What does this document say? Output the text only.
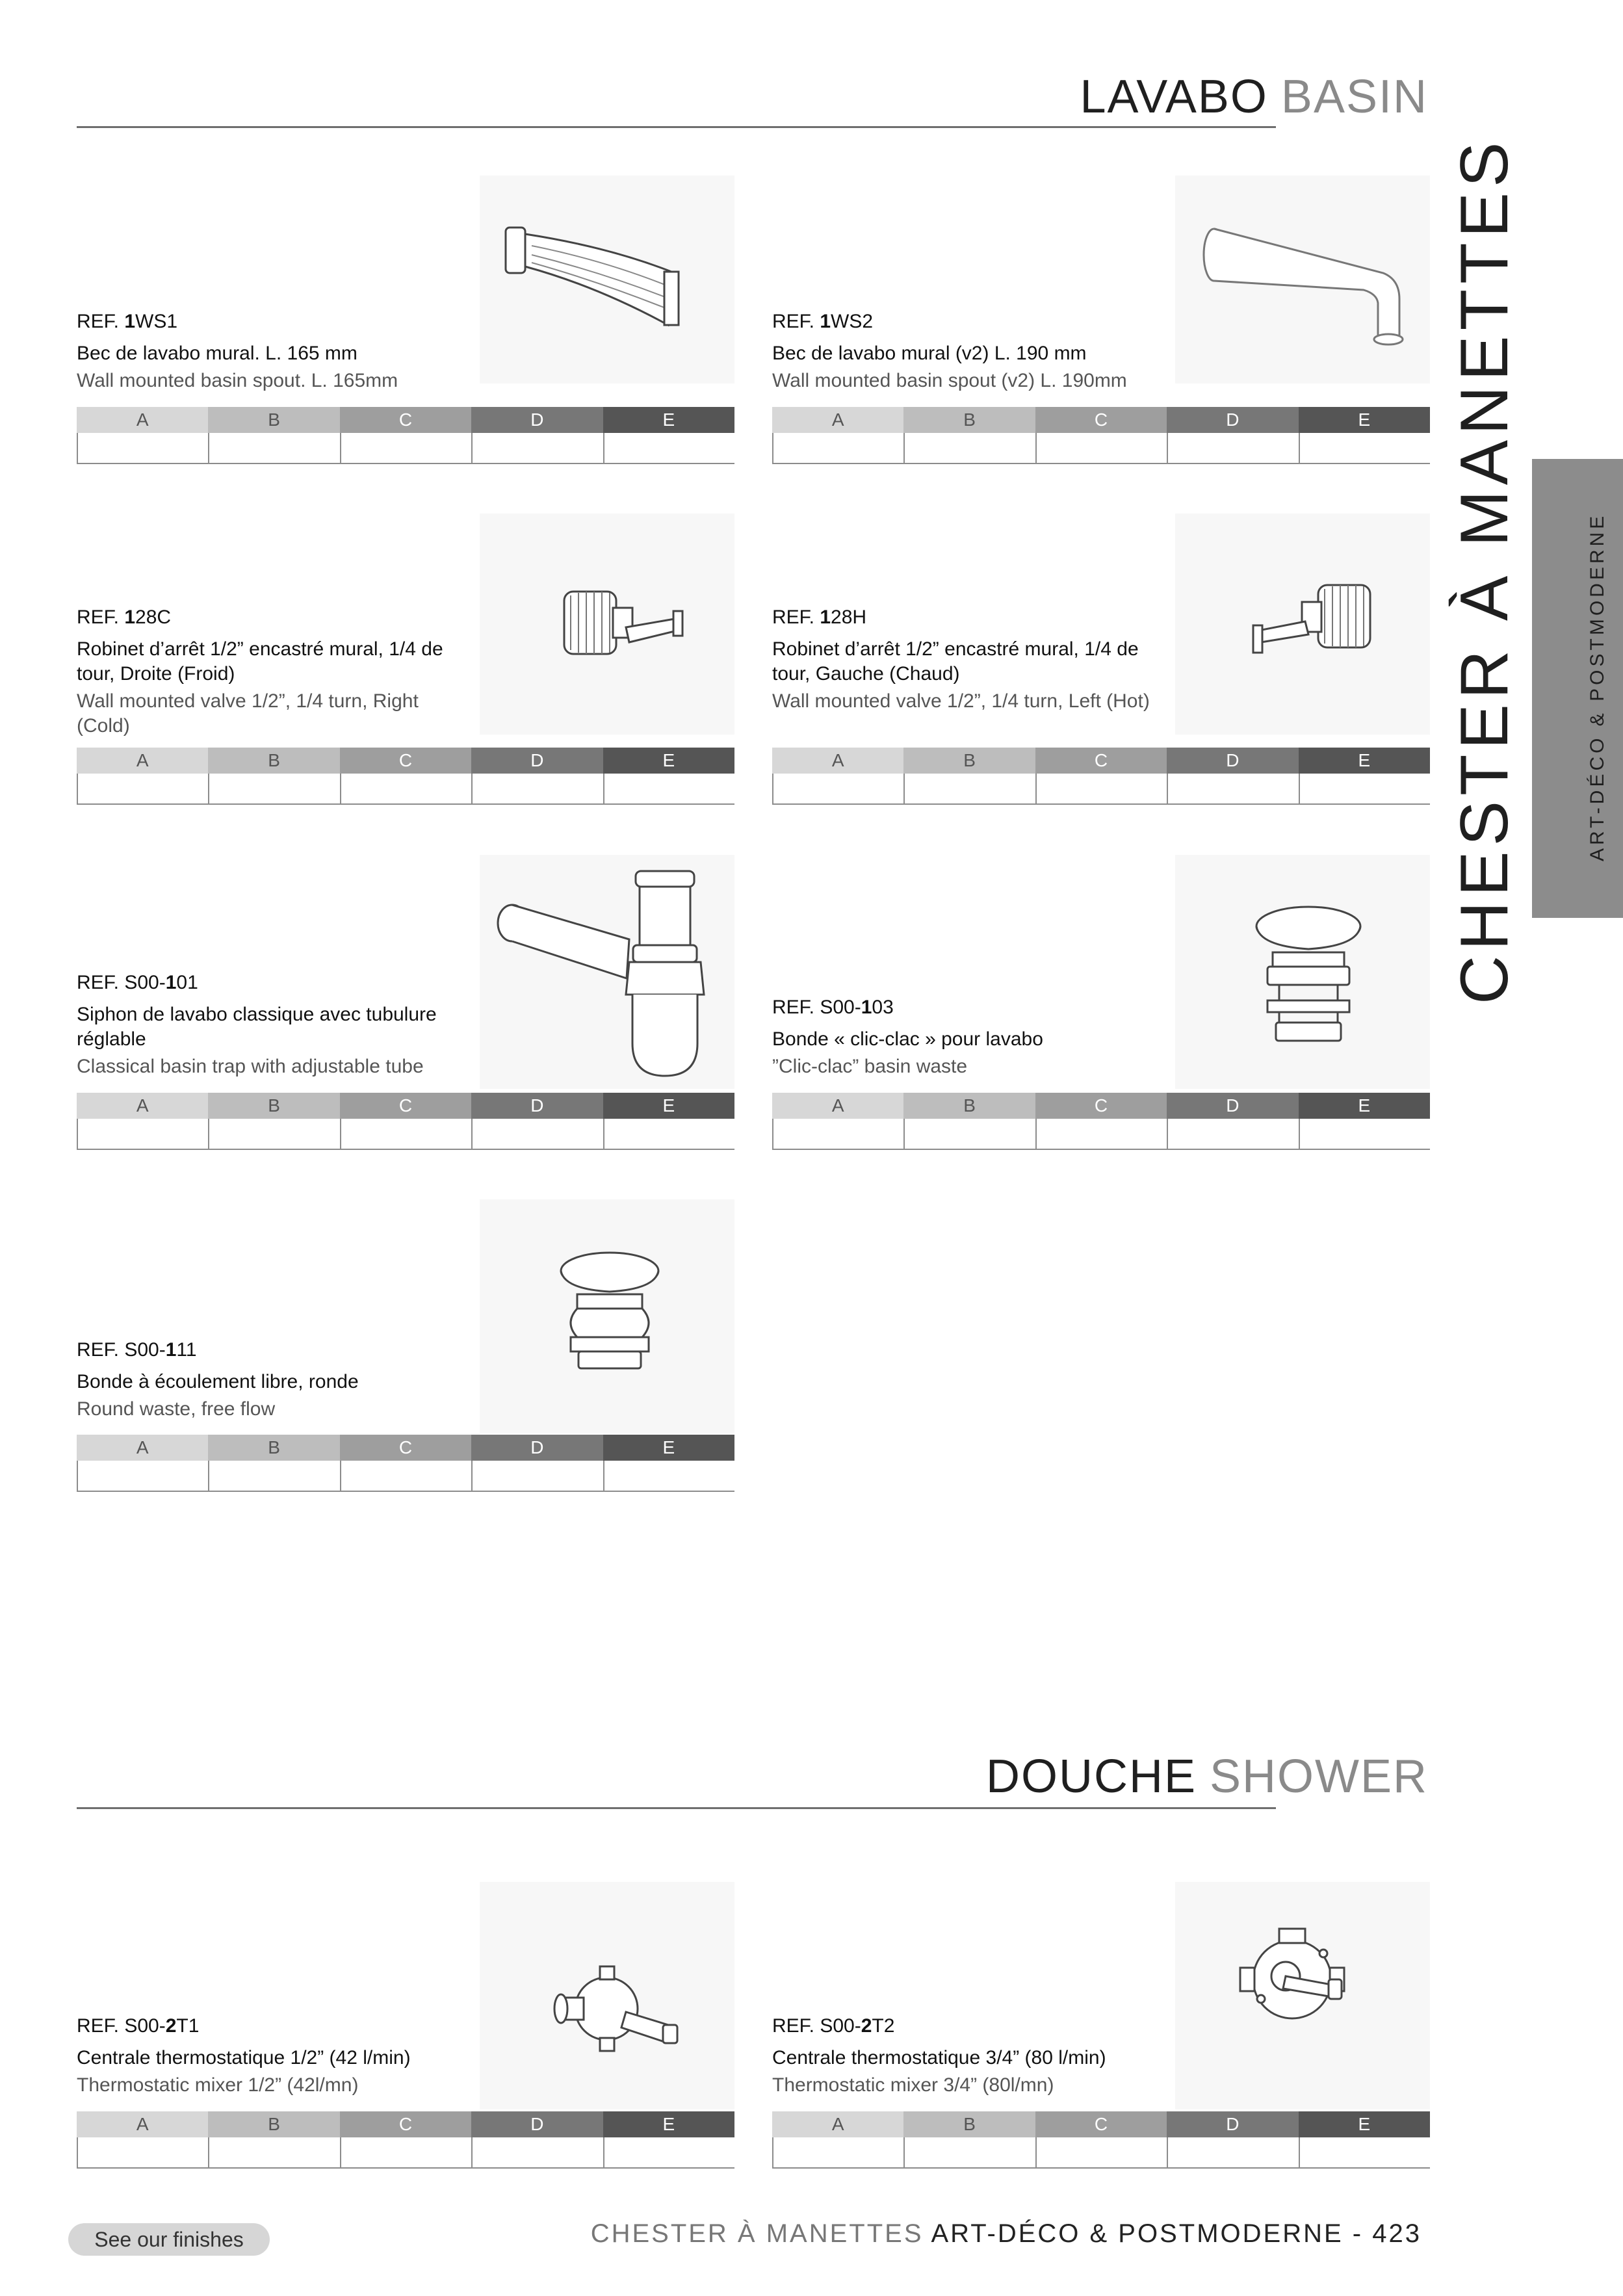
LAVABO BASIN
DOUCHE SHOWER
REF. 1WS1
Bec de lavabo mural. L. 165 mm
Wall mounted basin spout. L. 165mm
A	B	C	D	E
REF. 1WS2
Bec de lavabo mural (v2) L. 190 mm
Wall mounted basin spout (v2) L. 190mm
A	B	C	D	E
REF. 128C
Robinet d’arrêt 1/2” encastré mural, 1/4 de tour, Droite (Froid)
Wall mounted valve 1/2”, 1/4 turn, Right (Cold)
A	B	C	D	E
REF. 128H
Robinet d’arrêt 1/2” encastré mural, 1/4 de tour, Gauche (Chaud)
Wall mounted valve 1/2”, 1/4 turn, Left (Hot)
A	B	C	D	E
REF. S00-101
Siphon de lavabo classique avec tubulure réglable
Classical basin trap with adjustable tube
A	B	C	D	E
REF. S00-103
Bonde « clic-clac » pour lavabo
”Clic-clac” basin waste
A	B	C	D	E
REF. S00-111
Bonde à écoulement libre, ronde
Round waste, free flow
A	B	C	D	E
REF. S00-2T1
Centrale thermostatique 1/2” (42 l/min)
Thermostatic mixer 1/2” (42l/mn)
A	B	C	D	E
REF. S00-2T2
Centrale thermostatique 3/4” (80 l/min)
Thermostatic mixer 3/4” (80l/mn)
A	B	C	D	E
CHESTER À MANETTES	ART-DÉCO & POSTMODERNE
See our finishes	CHESTER À MANETTES ART-DÉCO & POSTMODERNE - 423
